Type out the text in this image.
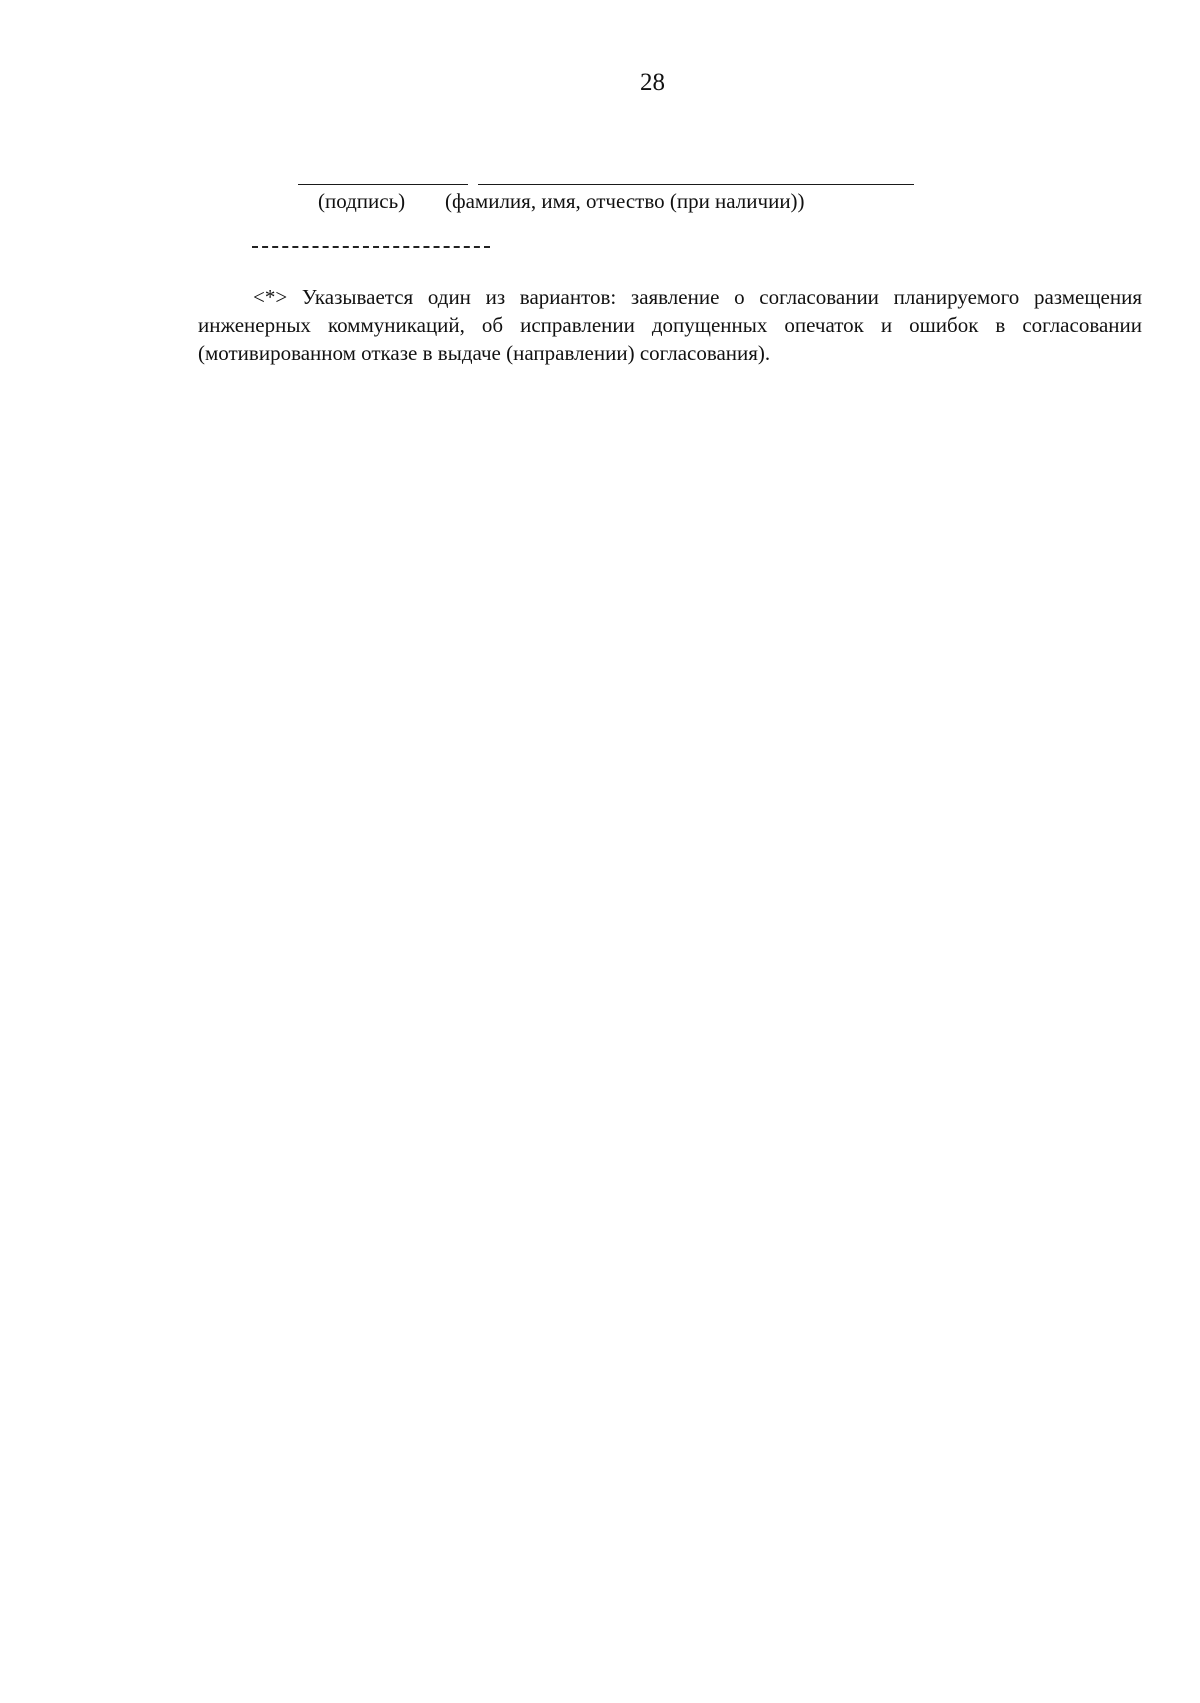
28
(подпись) (фамилия, имя, отчество (при наличии))
<*> Указывается один из вариантов: заявление о согласовании планируемого размещения инженерных коммуникаций, об исправлении допущенных опечаток и ошибок в согласовании (мотивированном отказе в выдаче (направлении) согласования).
